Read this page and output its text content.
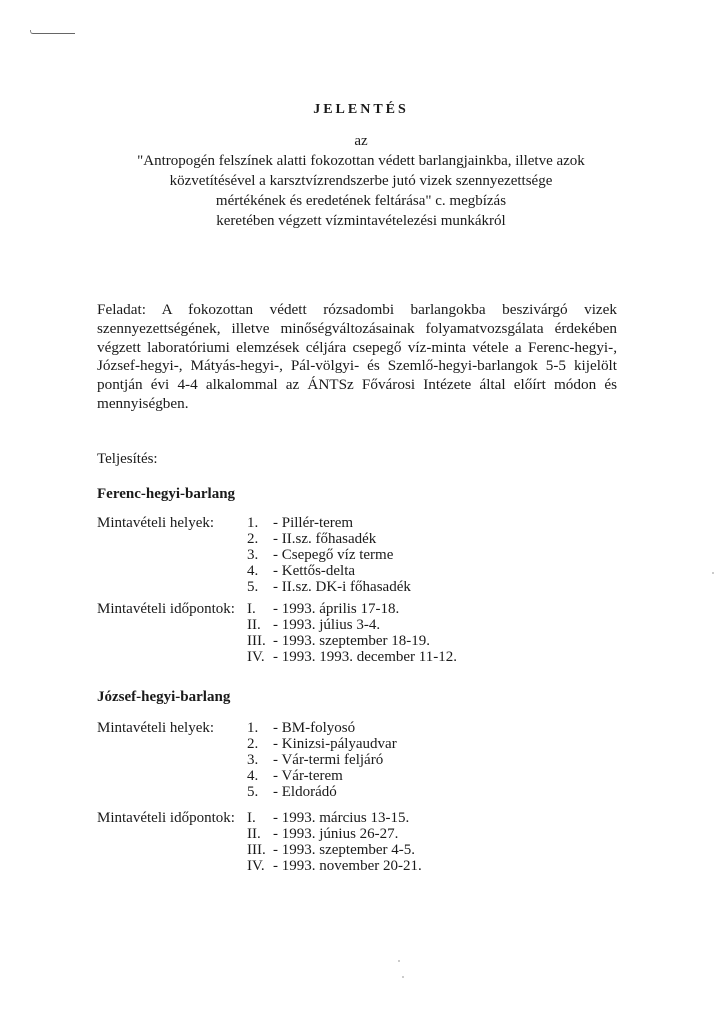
JELENTÉS
az
"Antropogén felszínek alatti fokozottan védett barlangjainkba, illetve azok
közvetítésével a karsztvízrendszerbe jutó vizek szennyezettsége
mértékének és eredetének feltárása" c. megbízás
keretében végzett vízmintavételezési munkákról
Feladat: A fokozottan védett rózsadombi barlangokba beszivárgó vizek
szennyezettségének, illetve minőségváltozásainak folyamatvozsgálata érdekében
végzett laboratóriumi elemzések céljára csepegő víz-minta vétele a Ferenc-hegyi-,
József-hegyi-, Mátyás-hegyi-, Pál-völgyi- és Szemlő-hegyi-barlangok 5-5 kijelölt
pontján évi 4-4 alkalommal az ÁNTSz Fővárosi Intézete által előírt módon és
mennyiségben.
Teljesítés:
Ferenc-hegyi-barlang
Mintavételi helyek: 1. - Pillér-terem
2. - II.sz. főhasadék
3. - Csepegő víz terme
4. - Kettős-delta
5. - II.sz. DK-i főhasadék
Mintavételi időpontok: I. - 1993. április 17-18.
II. - 1993. július 3-4.
III. - 1993. szeptember 18-19.
IV. - 1993. 1993. december 11-12.
József-hegyi-barlang
Mintavételi helyek: 1. - BM-folyosó
2. - Kinizsi-pályaudvar
3. - Vár-termi feljáró
4. - Vár-terem
5. - Eldorádó
Mintavételi időpontok: I. - 1993. március 13-15.
II. - 1993. június 26-27.
III. - 1993. szeptember 4-5.
IV. - 1993. november 20-21.
